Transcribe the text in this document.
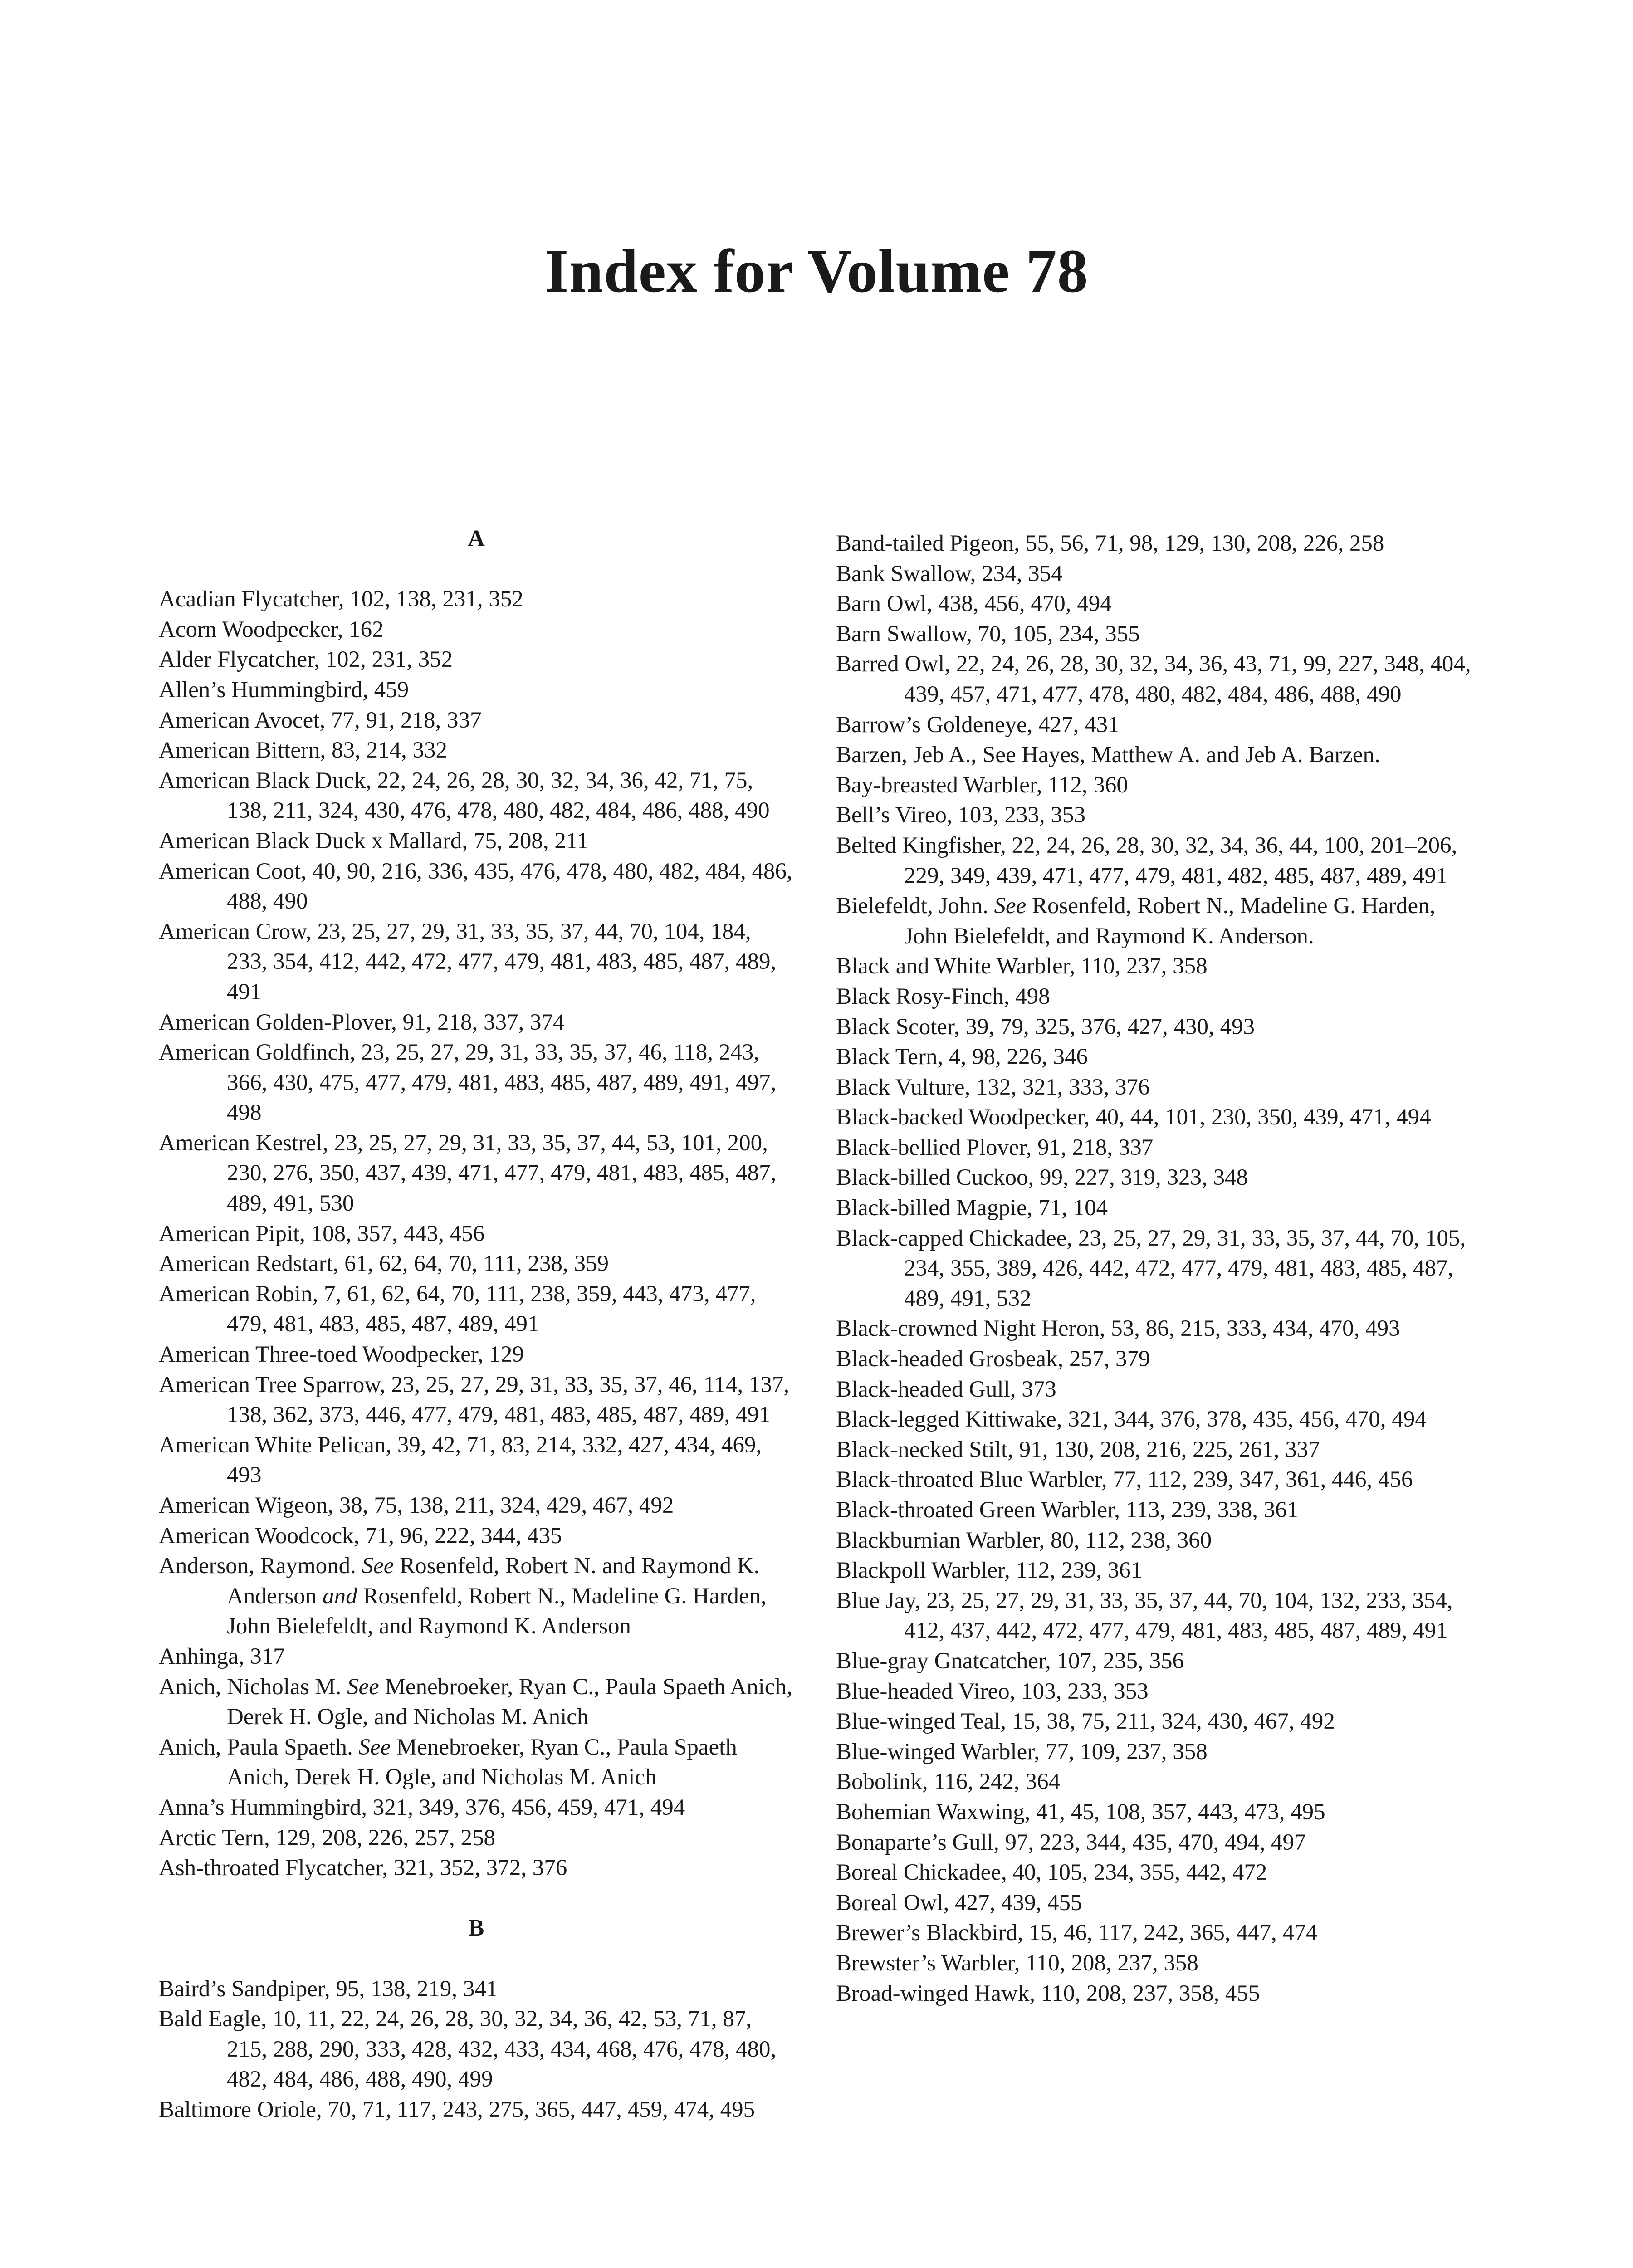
Index for Volume 78
A
Acadian Flycatcher, 102, 138, 231, 352
Acorn Woodpecker, 162
Alder Flycatcher, 102, 231, 352
Allen’s Hummingbird, 459
American Avocet, 77, 91, 218, 337
American Bittern, 83, 214, 332
American Black Duck, 22, 24, 26, 28, 30, 32, 34, 36, 42, 71, 75, 138, 211, 324, 430, 476, 478, 480, 482, 484, 486, 488, 490
American Black Duck x Mallard, 75, 208, 211
American Coot, 40, 90, 216, 336, 435, 476, 478, 480, 482, 484, 486, 488, 490
American Crow, 23, 25, 27, 29, 31, 33, 35, 37, 44, 70, 104, 184, 233, 354, 412, 442, 472, 477, 479, 481, 483, 485, 487, 489, 491
American Golden-Plover, 91, 218, 337, 374
American Goldfinch, 23, 25, 27, 29, 31, 33, 35, 37, 46, 118, 243, 366, 430, 475, 477, 479, 481, 483, 485, 487, 489, 491, 497, 498
American Kestrel, 23, 25, 27, 29, 31, 33, 35, 37, 44, 53, 101, 200, 230, 276, 350, 437, 439, 471, 477, 479, 481, 483, 485, 487, 489, 491, 530
American Pipit, 108, 357, 443, 456
American Redstart, 61, 62, 64, 70, 111, 238, 359
American Robin, 7, 61, 62, 64, 70, 111, 238, 359, 443, 473, 477, 479, 481, 483, 485, 487, 489, 491
American Three-toed Woodpecker, 129
American Tree Sparrow, 23, 25, 27, 29, 31, 33, 35, 37, 46, 114, 137, 138, 362, 373, 446, 477, 479, 481, 483, 485, 487, 489, 491
American White Pelican, 39, 42, 71, 83, 214, 332, 427, 434, 469, 493
American Wigeon, 38, 75, 138, 211, 324, 429, 467, 492
American Woodcock, 71, 96, 222, 344, 435
Anderson, Raymond. See Rosenfeld, Robert N. and Raymond K. Anderson and Rosenfeld, Robert N., Madeline G. Harden, John Bielefeldt, and Raymond K. Anderson
Anhinga, 317
Anich, Nicholas M. See Menebroeker, Ryan C., Paula Spaeth Anich, Derek H. Ogle, and Nicholas M. Anich
Anich, Paula Spaeth. See Menebroeker, Ryan C., Paula Spaeth Anich, Derek H. Ogle, and Nicholas M. Anich
Anna’s Hummingbird, 321, 349, 376, 456, 459, 471, 494
Arctic Tern, 129, 208, 226, 257, 258
Ash-throated Flycatcher, 321, 352, 372, 376
B
Baird’s Sandpiper, 95, 138, 219, 341
Bald Eagle, 10, 11, 22, 24, 26, 28, 30, 32, 34, 36, 42, 53, 71, 87, 215, 288, 290, 333, 428, 432, 433, 434, 468, 476, 478, 480, 482, 484, 486, 488, 490, 499
Baltimore Oriole, 70, 71, 117, 243, 275, 365, 447, 459, 474, 495
Band-tailed Pigeon, 55, 56, 71, 98, 129, 130, 208, 226, 258
Bank Swallow, 234, 354
Barn Owl, 438, 456, 470, 494
Barn Swallow, 70, 105, 234, 355
Barred Owl, 22, 24, 26, 28, 30, 32, 34, 36, 43, 71, 99, 227, 348, 404, 439, 457, 471, 477, 478, 480, 482, 484, 486, 488, 490
Barrow’s Goldeneye, 427, 431
Barzen, Jeb A., See Hayes, Matthew A. and Jeb A. Barzen.
Bay-breasted Warbler, 112, 360
Bell’s Vireo, 103, 233, 353
Belted Kingfisher, 22, 24, 26, 28, 30, 32, 34, 36, 44, 100, 201–206, 229, 349, 439, 471, 477, 479, 481, 482, 485, 487, 489, 491
Bielefeldt, John. See Rosenfeld, Robert N., Madeline G. Harden, John Bielefeldt, and Raymond K. Anderson.
Black and White Warbler, 110, 237, 358
Black Rosy-Finch, 498
Black Scoter, 39, 79, 325, 376, 427, 430, 493
Black Tern, 4, 98, 226, 346
Black Vulture, 132, 321, 333, 376
Black-backed Woodpecker, 40, 44, 101, 230, 350, 439, 471, 494
Black-bellied Plover, 91, 218, 337
Black-billed Cuckoo, 99, 227, 319, 323, 348
Black-billed Magpie, 71, 104
Black-capped Chickadee, 23, 25, 27, 29, 31, 33, 35, 37, 44, 70, 105, 234, 355, 389, 426, 442, 472, 477, 479, 481, 483, 485, 487, 489, 491, 532
Black-crowned Night Heron, 53, 86, 215, 333, 434, 470, 493
Black-headed Grosbeak, 257, 379
Black-headed Gull, 373
Black-legged Kittiwake, 321, 344, 376, 378, 435, 456, 470, 494
Black-necked Stilt, 91, 130, 208, 216, 225, 261, 337
Black-throated Blue Warbler, 77, 112, 239, 347, 361, 446, 456
Black-throated Green Warbler, 113, 239, 338, 361
Blackburnian Warbler, 80, 112, 238, 360
Blackpoll Warbler, 112, 239, 361
Blue Jay, 23, 25, 27, 29, 31, 33, 35, 37, 44, 70, 104, 132, 233, 354, 412, 437, 442, 472, 477, 479, 481, 483, 485, 487, 489, 491
Blue-gray Gnatcatcher, 107, 235, 356
Blue-headed Vireo, 103, 233, 353
Blue-winged Teal, 15, 38, 75, 211, 324, 430, 467, 492
Blue-winged Warbler, 77, 109, 237, 358
Bobolink, 116, 242, 364
Bohemian Waxwing, 41, 45, 108, 357, 443, 473, 495
Bonaparte’s Gull, 97, 223, 344, 435, 470, 494, 497
Boreal Chickadee, 40, 105, 234, 355, 442, 472
Boreal Owl, 427, 439, 455
Brewer’s Blackbird, 15, 46, 117, 242, 365, 447, 474
Brewster’s Warbler, 110, 208, 237, 358
Broad-winged Hawk, 110, 208, 237, 358, 455
